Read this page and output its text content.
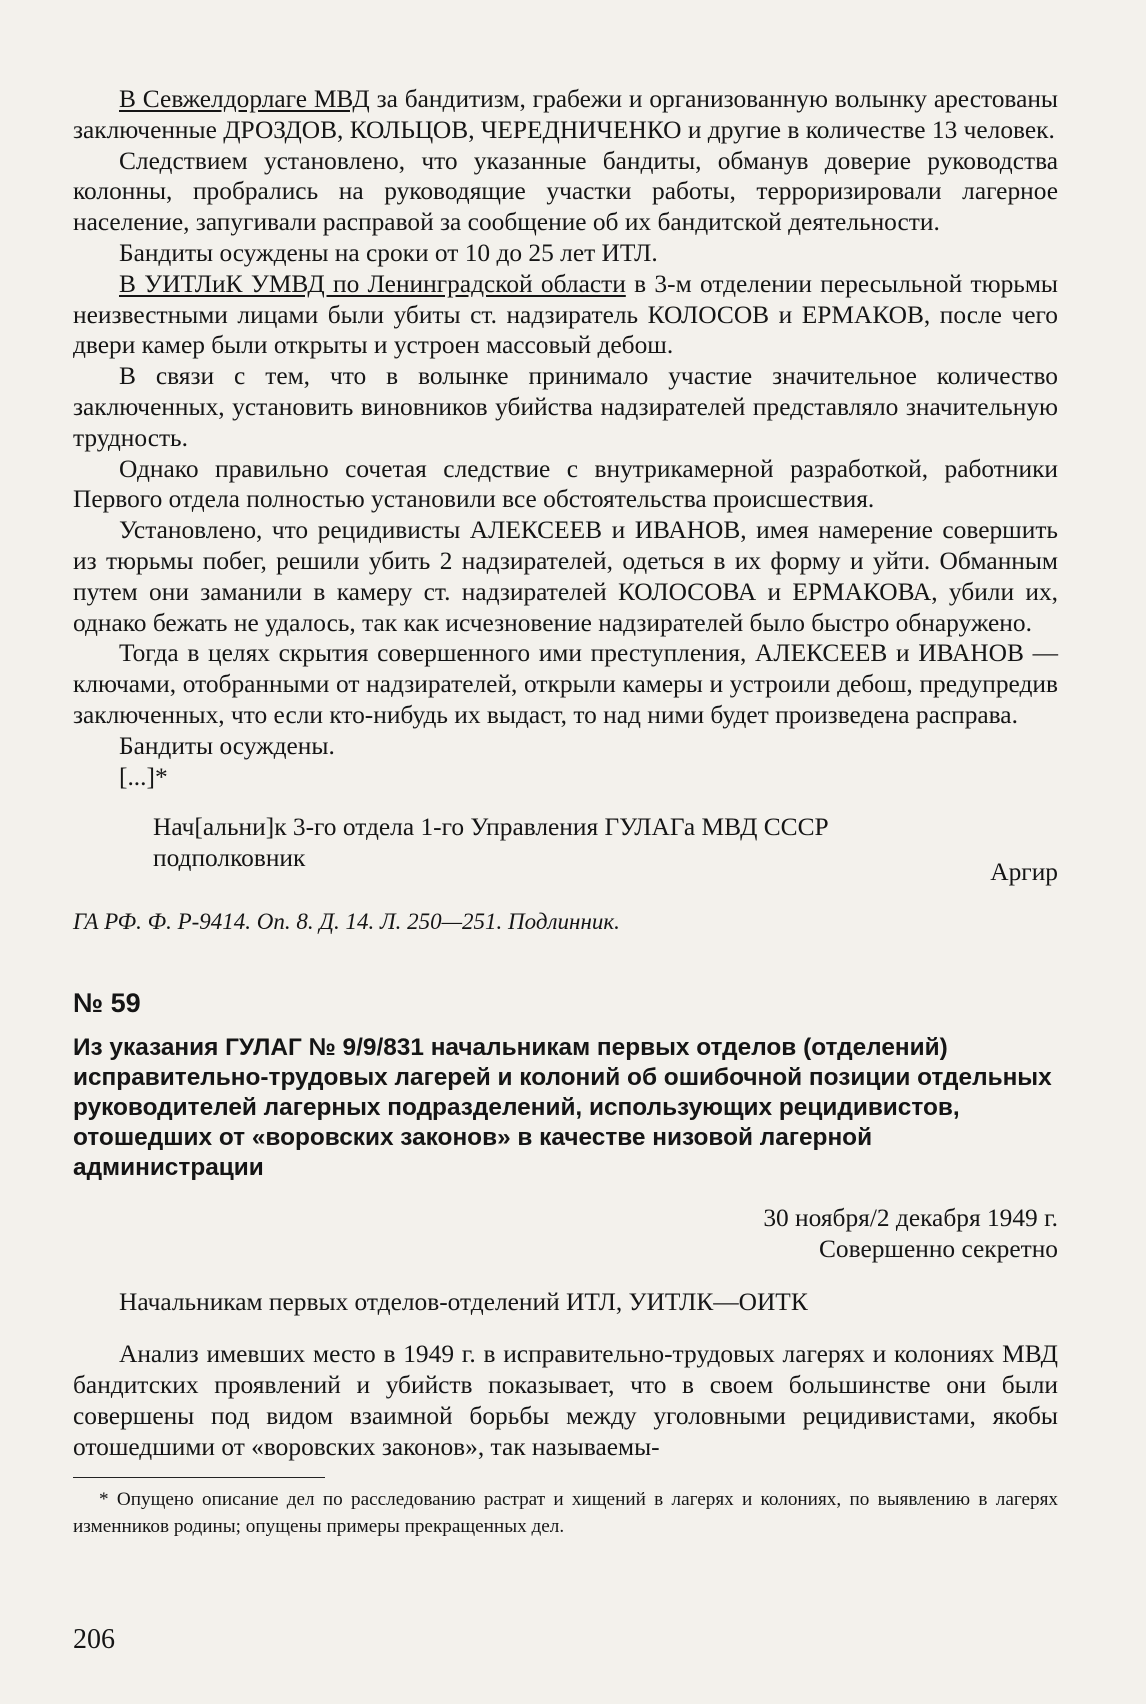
В Севжелдорлаге МВД за бандитизм, грабежи и организованную волынку арестованы заключенные ДРОЗДОВ, КОЛЬЦОВ, ЧЕРЕДНИЧЕНКО и другие в количестве 13 человек.

Следствием установлено, что указанные бандиты, обманув доверие руководства колонны, пробрались на руководящие участки работы, терроризировали лагерное население, запугивали расправой за сообщение об их бандитской деятельности.

Бандиты осуждены на сроки от 10 до 25 лет ИТЛ.

В УИТЛиК УМВД по Ленинградской области в 3-м отделении пересыльной тюрьмы неизвестными лицами были убиты ст. надзиратель КОЛОСОВ и ЕРМАКОВ, после чего двери камер были открыты и устроен массовый дебош.

В связи с тем, что в волынке принимало участие значительное количество заключенных, установить виновников убийства надзирателей представляло значительную трудность.

Однако правильно сочетая следствие с внутрикамерной разработкой, работники Первого отдела полностью установили все обстоятельства происшествия.

Установлено, что рецидивисты АЛЕКСЕЕВ и ИВАНОВ, имея намерение совершить из тюрьмы побег, решили убить 2 надзирателей, одеться в их форму и уйти. Обманным путем они заманили в камеру ст. надзирателей КОЛОСОВА и ЕРМАКОВА, убили их, однако бежать не удалось, так как исчезновение надзирателей было быстро обнаружено.

Тогда в целях скрытия совершенного ими преступления, АЛЕКСЕЕВ и ИВАНОВ — ключами, отобранными от надзирателей, открыли камеры и устроили дебош, предупредив заключенных, что если кто-нибудь их выдаст, то над ними будет произведена расправа.

Бандиты осуждены.

[...]*

Нач[альни]к 3-го отдела 1-го Управления ГУЛАГа МВД СССР
подполковник	Аргир

ГА РФ. Ф. Р-9414. Оп. 8. Д. 14. Л. 250—251. Подлинник.

№ 59
Из указания ГУЛАГ № 9/9/831 начальникам первых отделов (отделений) исправительно-трудовых лагерей и колоний об ошибочной позиции отдельных руководителей лагерных подразделений, использующих рецидивистов, отошедших от «воровских законов» в качестве низовой лагерной администрации
30 ноября/2 декабря 1949 г.
Совершенно секретно

Начальникам первых отделов-отделений ИТЛ, УИТЛК—ОИТК

Анализ имевших место в 1949 г. в исправительно-трудовых лагерях и колониях МВД бандитских проявлений и убийств показывает, что в своем большинстве они были совершены под видом взаимной борьбы между уголовными рецидивистами, якобы отошедшими от «воровских законов», так называемы-

* Опущено описание дел по расследованию растрат и хищений в лагерях и колониях, по выявлению в лагерях изменников родины; опущены примеры прекращенных дел.

206
